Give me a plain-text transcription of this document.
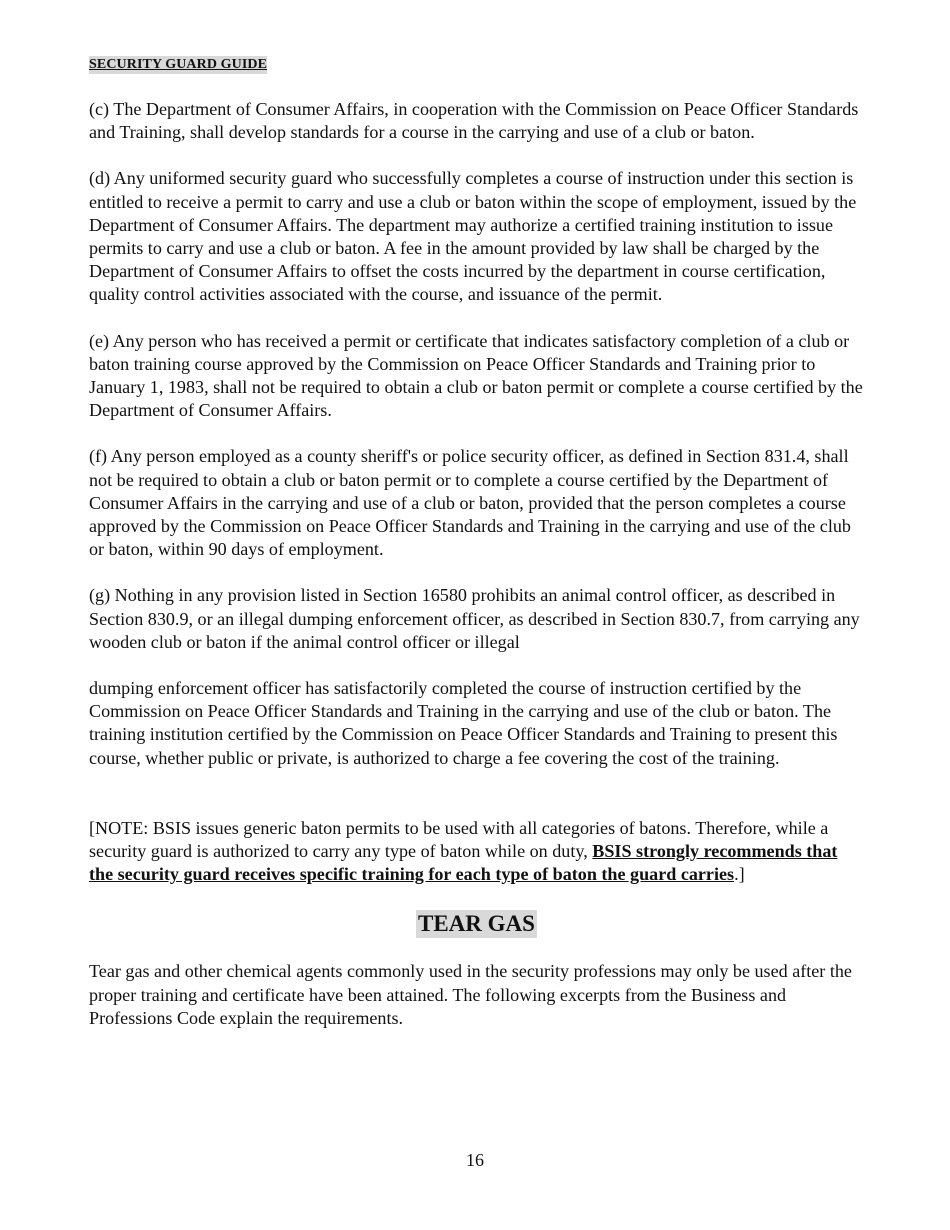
SECURITY GUARD GUIDE

(c) The Department of Consumer Affairs, in cooperation with the Commission on Peace Officer Standards and Training, shall develop standards for a course in the carrying and use of a club or baton.

(d) Any uniformed security guard who successfully completes a course of instruction under this section is entitled to receive a permit to carry and use a club or baton within the scope of employment, issued by the Department of Consumer Affairs. The department may authorize a certified training institution to issue permits to carry and use a club or baton. A fee in the amount provided by law shall be charged by the Department of Consumer Affairs to offset the costs incurred by the department in course certification, quality control activities associated with the course, and issuance of the permit.

(e) Any person who has received a permit or certificate that indicates satisfactory completion of a club or baton training course approved by the Commission on Peace Officer Standards and Training prior to January 1, 1983, shall not be required to obtain a club or baton permit or complete a course certified by the Department of Consumer Affairs.

(f) Any person employed as a county sheriff's or police security officer, as defined in Section 831.4, shall not be required to obtain a club or baton permit or to complete a course certified by the Department of Consumer Affairs in the carrying and use of a club or baton, provided that the person completes a course approved by the Commission on Peace Officer Standards and Training in the carrying and use of the club or baton, within 90 days of employment.

(g) Nothing in any provision listed in Section 16580 prohibits an animal control officer, as described in Section 830.9, or an illegal dumping enforcement officer, as described in Section 830.7, from carrying any wooden club or baton if the animal control officer or illegal

dumping enforcement officer has satisfactorily completed the course of instruction certified by the Commission on Peace Officer Standards and Training in the carrying and use of the club or baton. The training institution certified by the Commission on Peace Officer Standards and Training to present this course, whether public or private, is authorized to charge a fee covering the cost of the training.

[NOTE: BSIS issues generic baton permits to be used with all categories of batons. Therefore, while a security guard is authorized to carry any type of baton while on duty, BSIS strongly recommends that the security guard receives specific training for each type of baton the guard carries.]

TEAR GAS

Tear gas and other chemical agents commonly used in the security professions may only be used after the proper training and certificate have been attained. The following excerpts from the Business and Professions Code explain the requirements.

16
